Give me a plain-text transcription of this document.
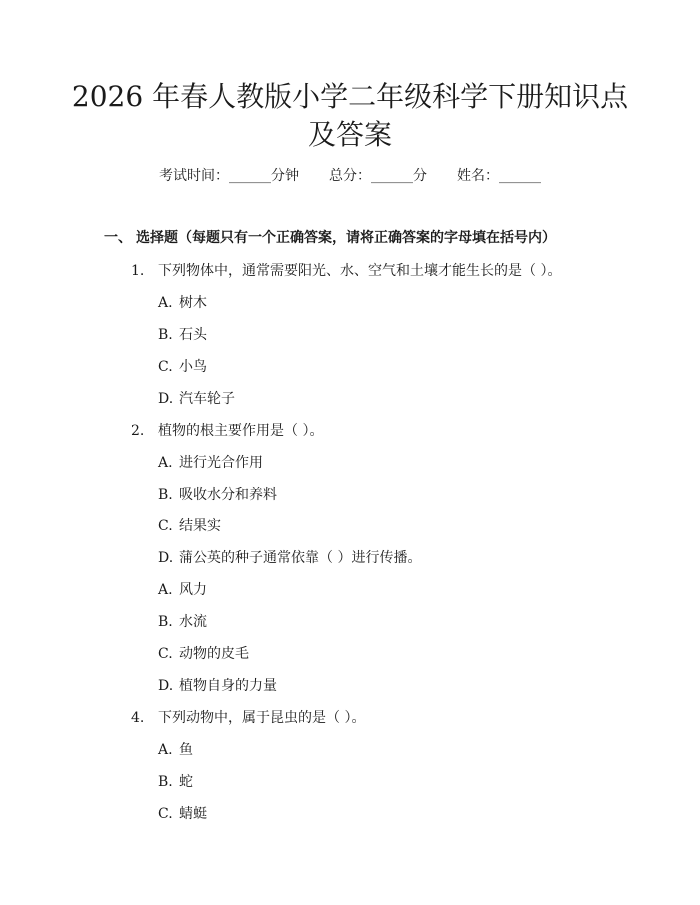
2026 年春人教版小学二年级科学下册知识点
及答案
考试时间：______分钟 总分：______分 姓名：______
一、 选择题（每题只有一个正确答案，请将正确答案的字母填在括号内）
1. 下列物体中，通常需要阳光、水、空气和土壤才能生长的是（ ）。
A. 树木
B. 石头
C. 小鸟
D. 汽车轮子
2. 植物的根主要作用是（ ）。
A. 进行光合作用
B. 吸收水分和养料
C. 结果实
D. 蒲公英的种子通常依靠（ ）进行传播。
A. 风力
B. 水流
C. 动物的皮毛
D. 植物自身的力量
4. 下列动物中，属于昆虫的是（ ）。
A. 鱼
B. 蛇
C. 蜻蜓
